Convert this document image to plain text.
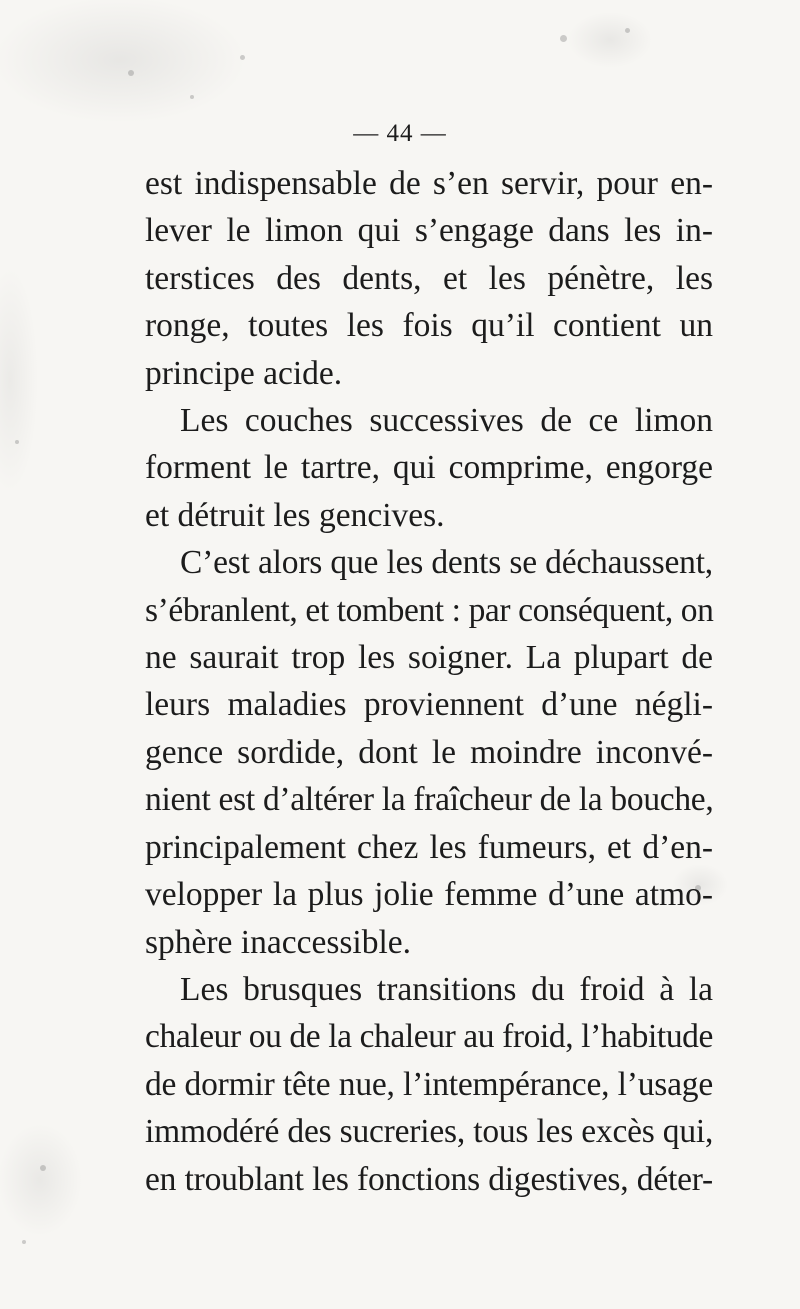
— 44 —

est indispensable de s’en servir, pour en-
lever le limon qui s’engage dans les in-
terstices des dents, et les pénètre, les
ronge, toutes les fois qu’il contient un
principe acide.

Les couches successives de ce limon
forment le tartre, qui comprime, engorge
et détruit les gencives.

C’est alors que les dents se déchaussent,
s’ébranlent, et tombent : par conséquent, on
ne saurait trop les soigner. La plupart de
leurs maladies proviennent d’une négli-
gence sordide, dont le moindre inconvé-
nient est d’altérer la fraîcheur de la bouche,
principalement chez les fumeurs, et d’en-
velopper la plus jolie femme d’une atmo-
sphère inaccessible.

Les brusques transitions du froid à la
chaleur ou de la chaleur au froid, l’habitude
de dormir tête nue, l’intempérance, l’usage
immodéré des sucreries, tous les excès qui,
en troublant les fonctions digestives, déter-
